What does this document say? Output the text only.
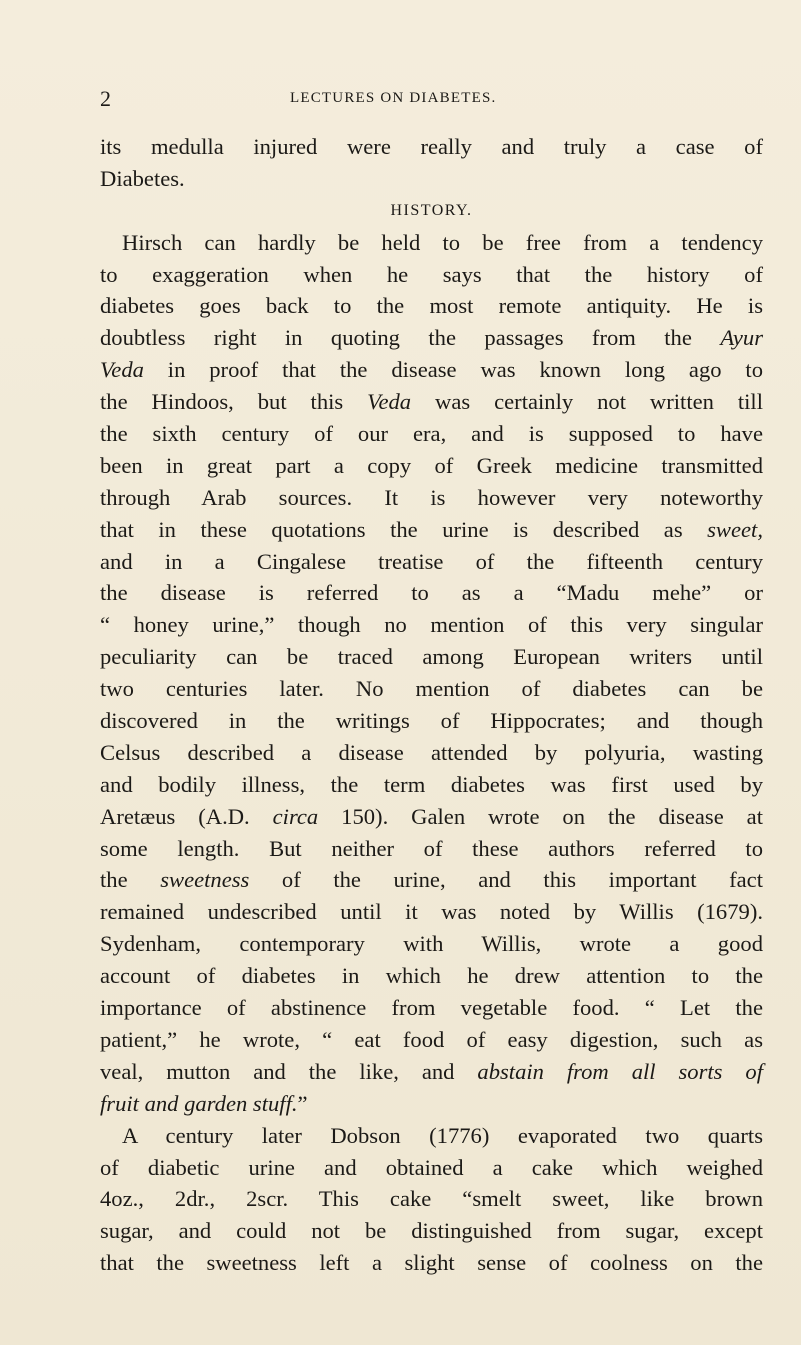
2	LECTURES ON DIABETES.
its medulla injured were really and truly a case of
Diabetes.
HISTORY.
Hirsch can hardly be held to be free from a tendency
to exaggeration when he says that the history of
diabetes goes back to the most remote antiquity. He is
doubtless right in quoting the passages from the Ayur
Veda in proof that the disease was known long ago to
the Hindoos, but this Veda was certainly not written till
the sixth century of our era, and is supposed to have
been in great part a copy of Greek medicine transmitted
through Arab sources. It is however very noteworthy
that in these quotations the urine is described as sweet,
and in a Cingalese treatise of the fifteenth century
the disease is referred to as a “Madu mehe” or
“ honey urine,” though no mention of this very singular
peculiarity can be traced among European writers until
two centuries later. No mention of diabetes can be
discovered in the writings of Hippocrates; and though
Celsus described a disease attended by polyuria, wasting
and bodily illness, the term diabetes was first used by
Aretæus (A.D. circa 150). Galen wrote on the disease at
some length. But neither of these authors referred to
the sweetness of the urine, and this important fact
remained undescribed until it was noted by Willis (1679).
Sydenham, contemporary with Willis, wrote a good
account of diabetes in which he drew attention to the
importance of abstinence from vegetable food. “ Let the
patient,” he wrote, “ eat food of easy digestion, such as
veal, mutton and the like, and abstain from all sorts of
fruit and garden stuff.”
A century later Dobson (1776) evaporated two quarts
of diabetic urine and obtained a cake which weighed
4oz., 2dr., 2scr. This cake “smelt sweet, like brown
sugar, and could not be distinguished from sugar, except
that the sweetness left a slight sense of coolness on the
